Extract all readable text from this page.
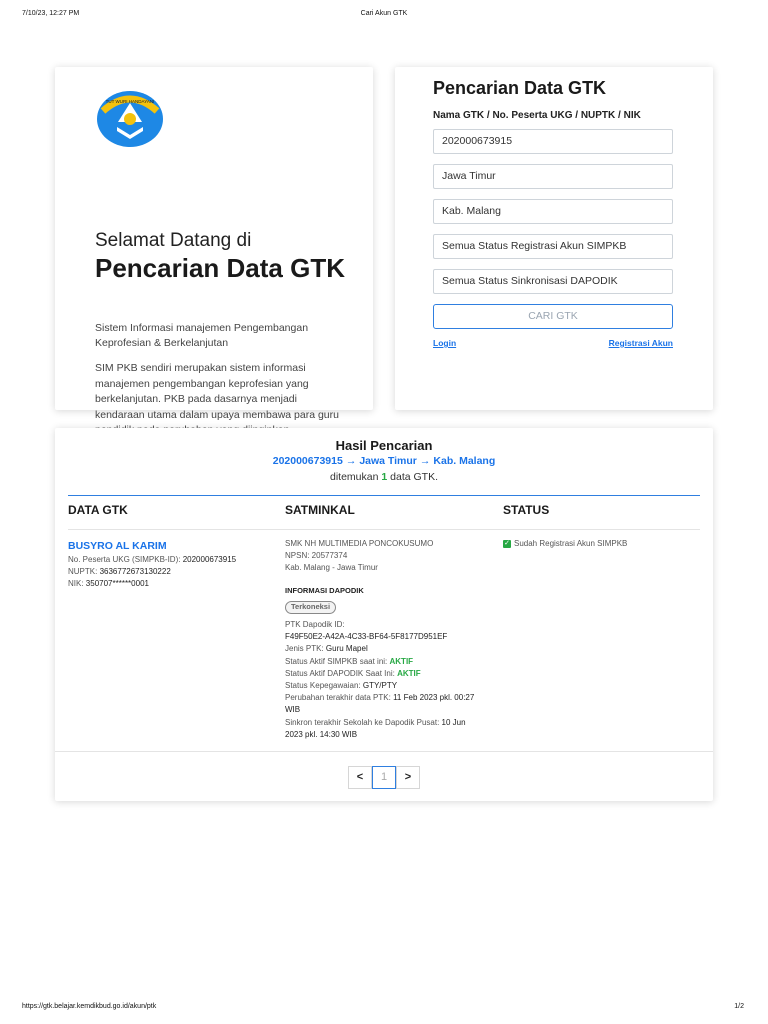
7/10/23, 12:27 PM	Cari Akun GTK
TUT WURI HANDAYANI
Selamat Datang di
Pencarian Data GTK
Sistem Informasi manajemen Pengembangan Keprofesian & Berkelanjutan
SIM PKB sendiri merupakan sistem informasi manajemen pengembangan keprofesian yang berkelanjutan. PKB pada dasarnya menjadi kendaraan utama dalam upaya membawa para guru
Pencarian Data GTK
Nama GTK / No. Peserta UKG / NUPTK / NIK
202000673915
Jawa Timur
Kab. Malang
Semua Status Registrasi Akun SIMPKB
Semua Status Sinkronisasi DAPODIK
CARI GTK
Login	Registrasi Akun
Hasil Pencarian
202000673915 → Jawa Timur → Kab. Malang
ditemukan 1 data GTK.
DATA GTK	SATMINKAL	STATUS
BUSYRO AL KARIM
No. Peserta UKG (SIMPKB-ID): 202000673915
NUPTK: 3636772673130222
NIK: 350707******0001
SMK NH MULTIMEDIA PONCOKUSUMO
NPSN: 20577374
Kab. Malang - Jawa Timur
INFORMASI DAPODIK
Terkoneksi
PTK Dapodik ID:
F49F50E2-A42A-4C33-BF64-5F8177D951EF
Jenis PTK: Guru Mapel
Status Aktif SIMPKB saat ini: AKTIF
Status Aktif DAPODIK Saat Ini: AKTIF
Status Kepegawaian: GTY/PTY
Perubahan terakhir data PTK: 11 Feb 2023 pkl. 00:27 WIB
Sinkron terakhir Sekolah ke Dapodik Pusat: 10 Jun 2023 pkl. 14:30 WIB
✓ Sudah Registrasi Akun SIMPKB
<	1	>
https://gtk.belajar.kemdikbud.go.id/akun/ptk	1/2
